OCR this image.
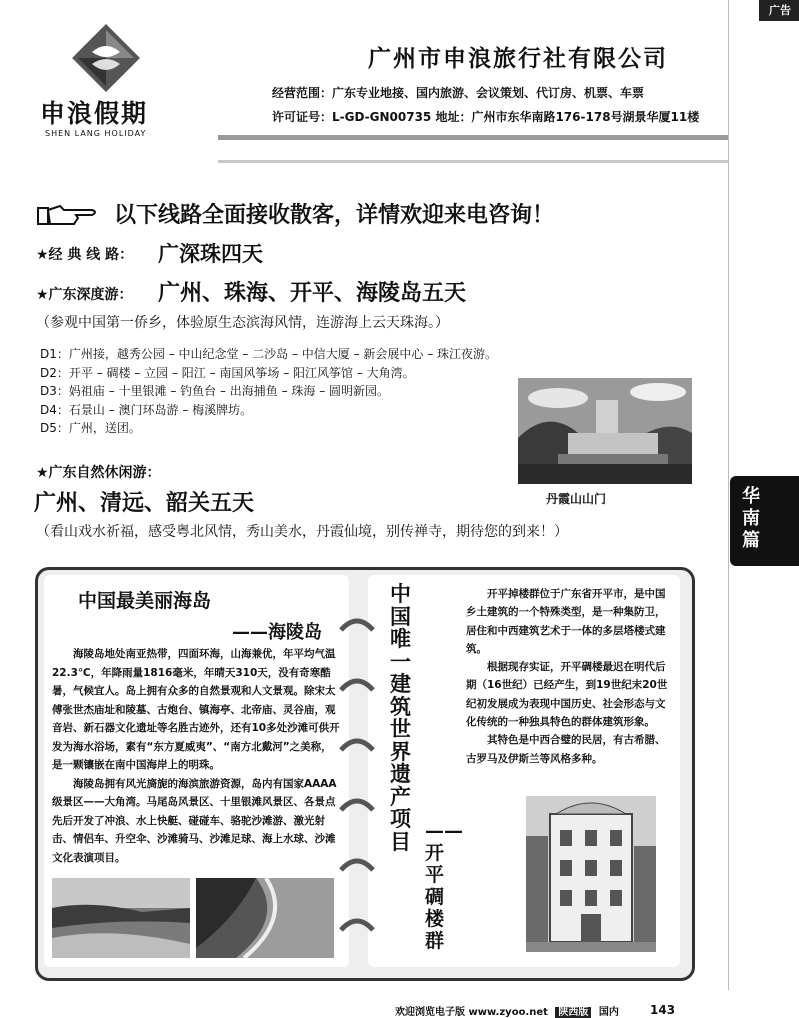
广告
申浪假期
SHEN LANG HOLIDAY
广州市申浪旅行社有限公司
经营范围：广东专业地接、国内旅游、会议策划、代订房、机票、车票
许可证号：L-GD-GN00735 地址：广州市东华南路176-178号湖景华厦11楼
以下线路全面接收散客，详情欢迎来电咨询！
★经 典 线 路： 广深珠四天
★广东深度游： 广州、珠海、开平、海陵岛五天
（参观中国第一侨乡，体验原生态滨海风情，连游海上云天珠海。）
D1：广州接，越秀公园 – 中山纪念堂 – 二沙岛 – 中信大厦 – 新会展中心 – 珠江夜游。
D2：开平 – 碉楼 – 立园 – 阳江 – 南国风筝场 – 阳江风筝馆 – 大角湾。
D3：妈祖庙 – 十里银滩 – 钓鱼台 – 出海捕鱼 – 珠海 – 圆明新园。
D4：石景山 – 澳门环岛游 – 梅溪牌坊。
D5：广州，送团。
丹霞山山门
★广东自然休闲游：
广州、清远、韶关五天
（看山戏水祈福，感受粤北风情，秀山美水，丹霞仙境，别传禅寺，期待您的到来！）
华南篇
中国最美丽海岛
——海陵岛

海陵岛地处南亚热带，四面环海，山海兼优，年平均气温22.3℃，年降雨量1816毫米，年晴天310天，没有奇寒酷暑，气候宜人。岛上拥有众多的自然景观和人文景观。除宋太傅张世杰庙址和陵墓、古炮台、镇海亭、北帝庙、灵谷庙，观音岩、新石器文化遗址等名胜古迹外，还有10多处沙滩可供开发为海水浴场，素有“东方夏威夷”、“南方北戴河”之美称，是一颗镶嵌在南中国海岸上的明珠。

海陵岛拥有风光旖旎的海滨旅游资源，岛内有国家AAAA级景区——大角湾。马尾岛风景区、十里银滩风景区、各景点先后开发了冲浪、水上快艇、碰碰车、骆驼沙滩游、激光射击、情侣车、升空伞、沙滩骑马、沙滩足球、海上水球、沙滩文化表演项目。

中国唯一建筑世界遗产项目 ——开平碉楼群

开平掉楼群位于广东省开平市，是中国乡土建筑的一个特殊类型，是一种集防卫，居住和中西建筑艺术于一体的多层塔楼式建筑。

根据现存实证，开平碉楼最迟在明代后期（16世纪）已经产生，到19世纪末20世纪初发展成为表现中国历史、社会形态与文化传统的一种独具特色的群体建筑形象。

其特色是中西合璧的民居，有古希腊、古罗马及伊斯兰等风格多种。

欢迎浏览电子版 www.zyoo.net 陕西版 国内	143
